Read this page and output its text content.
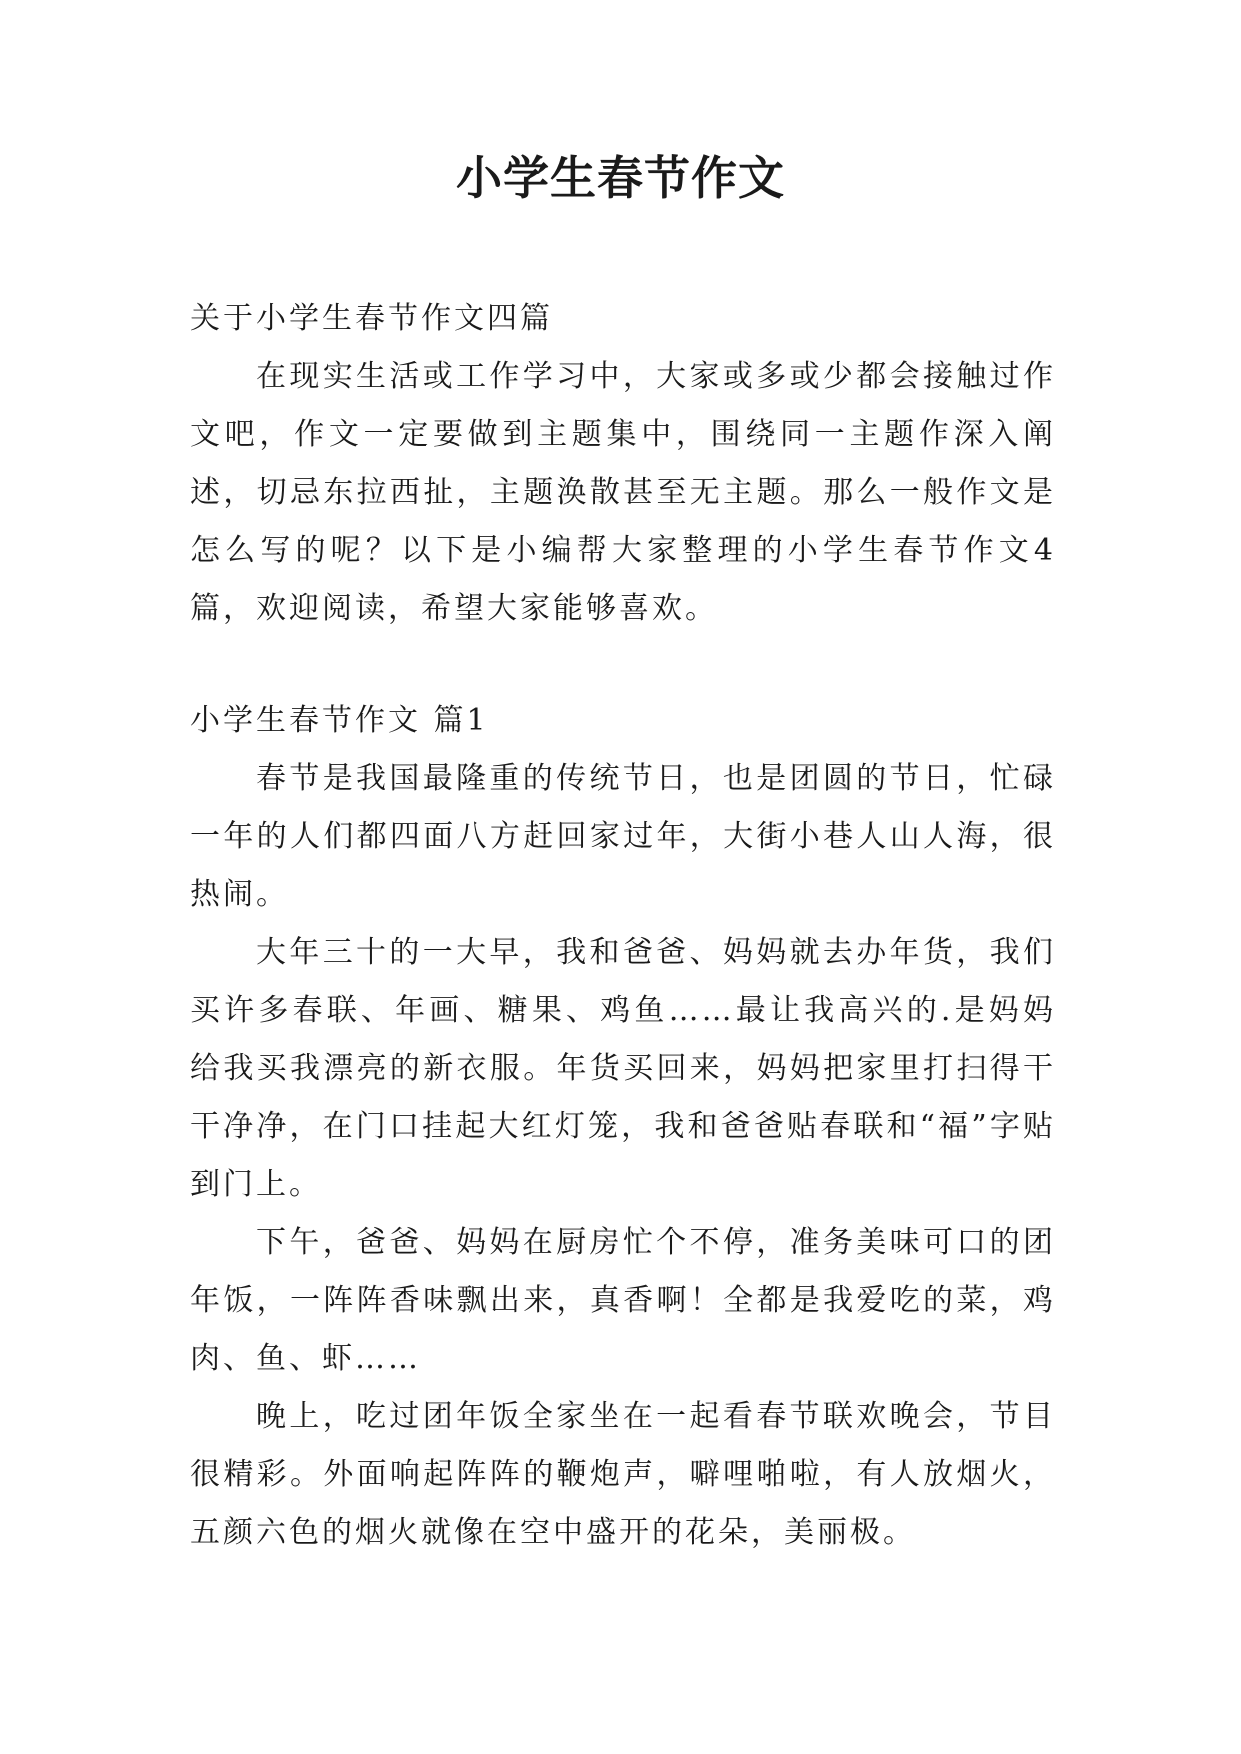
小学生春节作文

关于小学生春节作文四篇

在现实生活或工作学习中，大家或多或少都会接触过作文吧，作文一定要做到主题集中，围绕同一主题作深入阐述，切忌东拉西扯，主题涣散甚至无主题。那么一般作文是怎么写的呢？以下是小编帮大家整理的小学生春节作文4篇，欢迎阅读，希望大家能够喜欢。

小学生春节作文 篇1

春节是我国最隆重的传统节日，也是团圆的节日，忙碌一年的人们都四面八方赶回家过年，大街小巷人山人海，很热闹。

大年三十的一大早，我和爸爸、妈妈就去办年货，我们买许多春联、年画、糖果、鸡鱼……最让我高兴的.是妈妈给我买我漂亮的新衣服。年货买回来，妈妈把家里打扫得干干净净，在门口挂起大红灯笼，我和爸爸贴春联和“福”字贴到门上。

下午，爸爸、妈妈在厨房忙个不停，准务美味可口的团年饭，一阵阵香味飘出来，真香啊！全都是我爱吃的菜，鸡肉、鱼、虾……

晚上，吃过团年饭全家坐在一起看春节联欢晚会，节目很精彩。外面响起阵阵的鞭炮声，噼哩啪啦，有人放烟火，五颜六色的烟火就像在空中盛开的花朵，美丽极。
